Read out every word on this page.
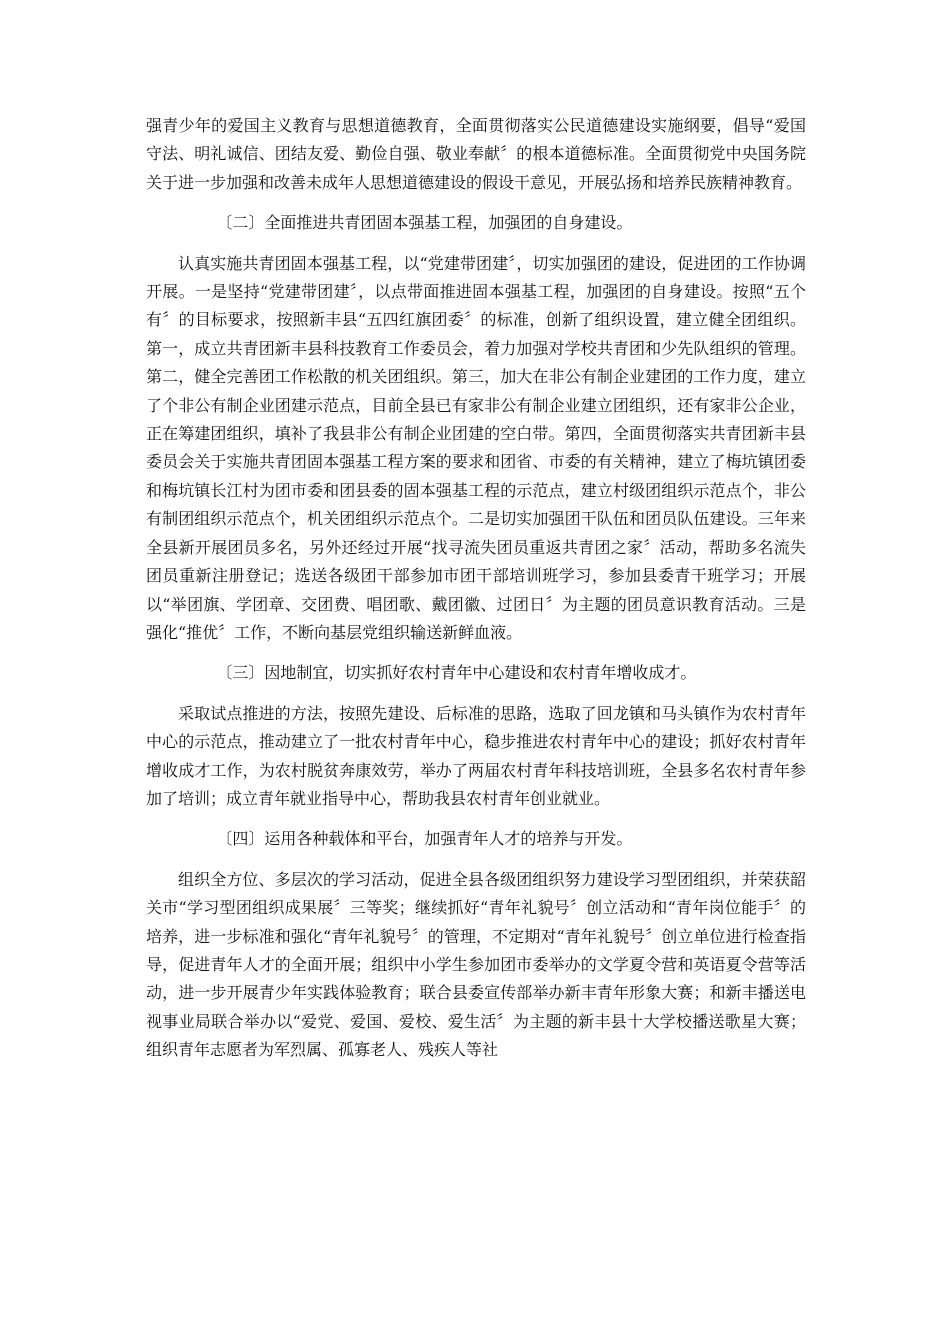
强青少年的爱国主义教育与思想道德教育，全面贯彻落实公民道德建设实施纲要，倡导“爱国守法、明礼诚信、团结友爱、勤俭自强、敬业奉献〞的根本道德标准。全面贯彻党中央国务院关于进一步加强和改善未成年人思想道德建设的假设干意见，开展弘扬和培养民族精神教育。

〔二〕全面推进共青团固本强基工程，加强团的自身建设。

认真实施共青团固本强基工程，以“党建带团建〞，切实加强团的建设，促进团的工作协调开展。一是坚持“党建带团建〞，以点带面推进固本强基工程，加强团的自身建设。按照“五个有〞的目标要求，按照新丰县“五四红旗团委〞的标准，创新了组织设置，建立健全团组织。第一，成立共青团新丰县科技教育工作委员会，着力加强对学校共青团和少先队组织的管理。第二，健全完善团工作松散的机关团组织。第三，加大在非公有制企业建团的工作力度，建立了个非公有制企业团建示范点，目前全县已有家非公有制企业建立团组织，还有家非公企业，正在筹建团组织，填补了我县非公有制企业团建的空白带。第四，全面贯彻落实共青团新丰县委员会关于实施共青团固本强基工程方案的要求和团省、市委的有关精神，建立了梅坑镇团委和梅坑镇长江村为团市委和团县委的固本强基工程的示范点，建立村级团组织示范点个，非公有制团组织示范点个，机关团组织示范点个。二是切实加强团干队伍和团员队伍建设。三年来全县新开展团员多名，另外还经过开展“找寻流失团员重返共青团之家〞活动，帮助多名流失团员重新注册登记；选送各级团干部参加市团干部培训班学习，参加县委青干班学习；开展以“举团旗、学团章、交团费、唱团歌、戴团徽、过团日〞为主题的团员意识教育活动。三是强化“推优〞工作，不断向基层党组织输送新鲜血液。

〔三〕因地制宜，切实抓好农村青年中心建设和农村青年增收成才。

采取试点推进的方法，按照先建设、后标准的思路，选取了回龙镇和马头镇作为农村青年中心的示范点，推动建立了一批农村青年中心，稳步推进农村青年中心的建设；抓好农村青年增收成才工作，为农村脱贫奔康效劳，举办了两届农村青年科技培训班，全县多名农村青年参加了培训；成立青年就业指导中心，帮助我县农村青年创业就业。

〔四〕运用各种载体和平台，加强青年人才的培养与开发。

组织全方位、多层次的学习活动，促进全县各级团组织努力建设学习型团组织，并荣获韶关市“学习型团组织成果展〞三等奖；继续抓好“青年礼貌号〞创立活动和“青年岗位能手〞的培养，进一步标准和强化“青年礼貌号〞的管理，不定期对“青年礼貌号〞创立单位进行检查指导，促进青年人才的全面开展；组织中小学生参加团市委举办的文学夏令营和英语夏令营等活动，进一步开展青少年实践体验教育；联合县委宣传部举办新丰青年形象大赛；和新丰播送电视事业局联合举办以“爱党、爱国、爱校、爱生活〞为主题的新丰县十大学校播送歌星大赛；组织青年志愿者为军烈属、孤寡老人、残疾人等社
